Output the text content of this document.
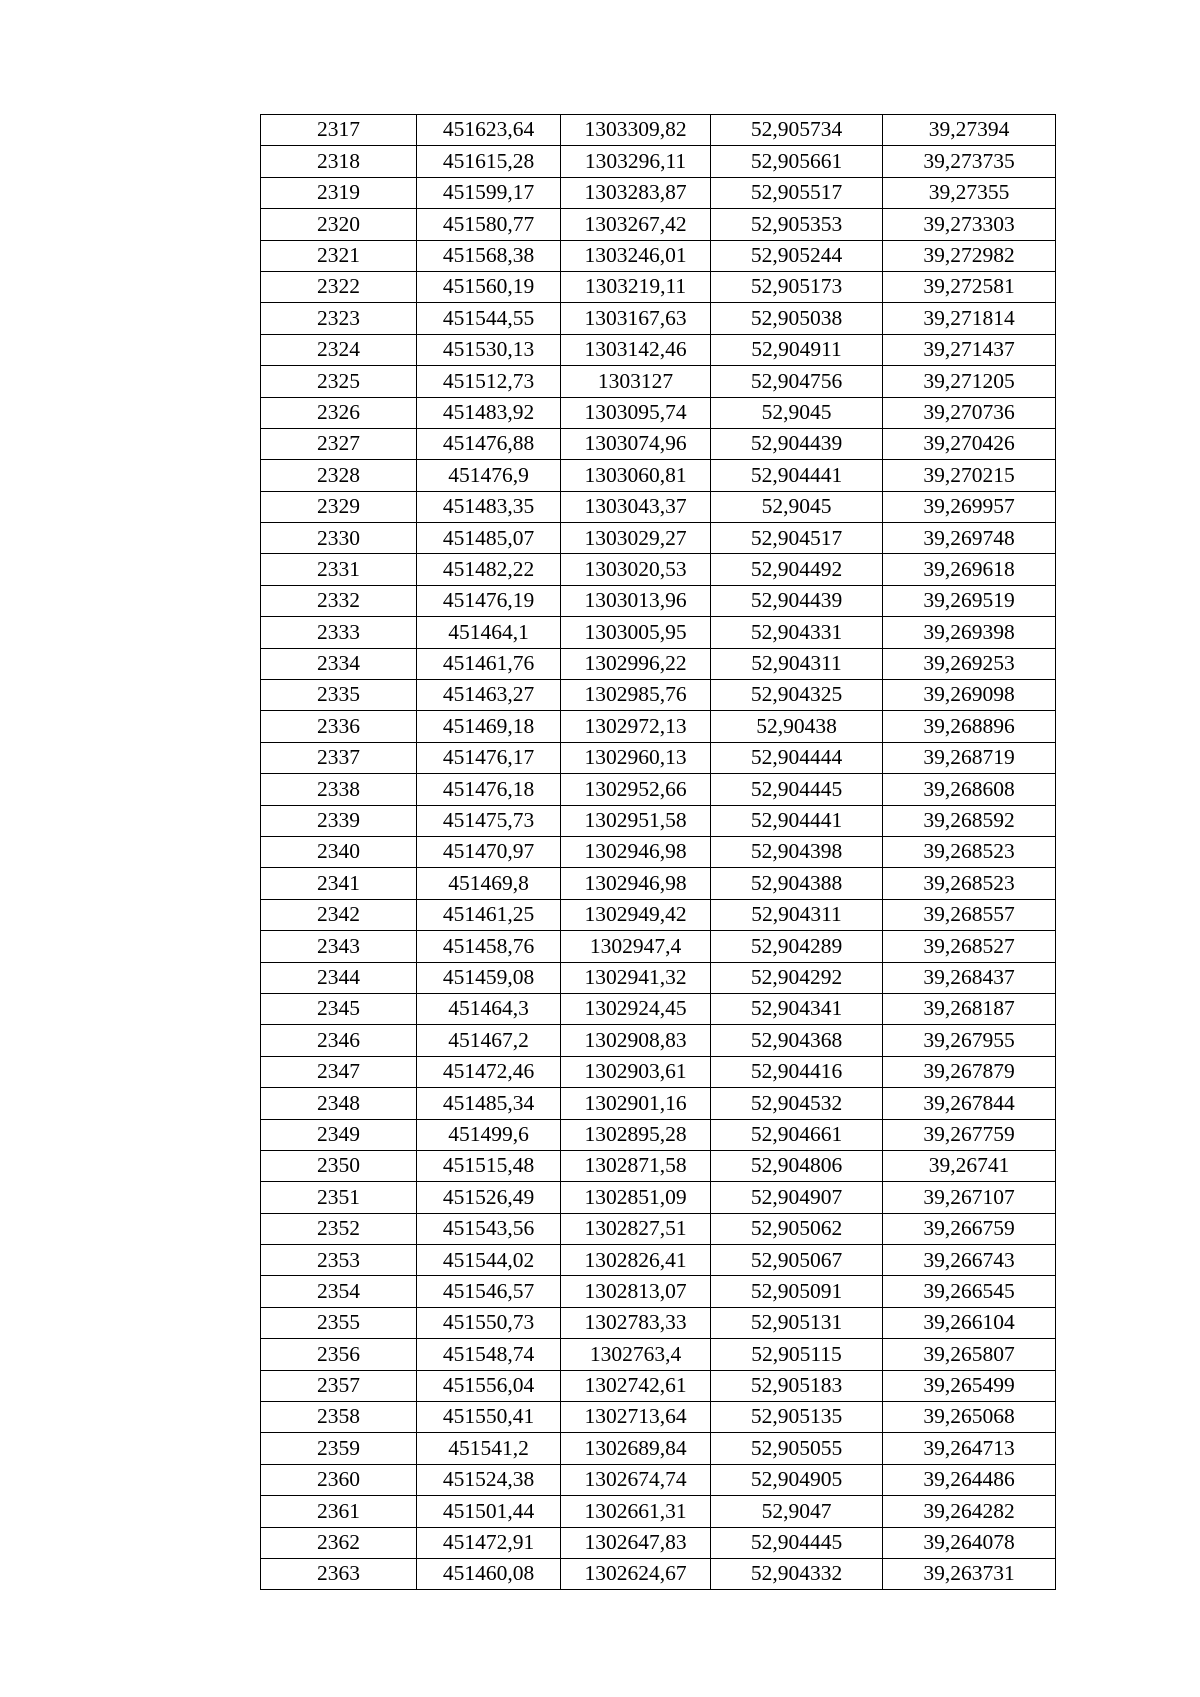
2317	451623,64	1303309,82	52,905734	39,27394
2318	451615,28	1303296,11	52,905661	39,273735
2319	451599,17	1303283,87	52,905517	39,27355
2320	451580,77	1303267,42	52,905353	39,273303
2321	451568,38	1303246,01	52,905244	39,272982
2322	451560,19	1303219,11	52,905173	39,272581
2323	451544,55	1303167,63	52,905038	39,271814
2324	451530,13	1303142,46	52,904911	39,271437
2325	451512,73	1303127	52,904756	39,271205
2326	451483,92	1303095,74	52,9045	39,270736
2327	451476,88	1303074,96	52,904439	39,270426
2328	451476,9	1303060,81	52,904441	39,270215
2329	451483,35	1303043,37	52,9045	39,269957
2330	451485,07	1303029,27	52,904517	39,269748
2331	451482,22	1303020,53	52,904492	39,269618
2332	451476,19	1303013,96	52,904439	39,269519
2333	451464,1	1303005,95	52,904331	39,269398
2334	451461,76	1302996,22	52,904311	39,269253
2335	451463,27	1302985,76	52,904325	39,269098
2336	451469,18	1302972,13	52,90438	39,268896
2337	451476,17	1302960,13	52,904444	39,268719
2338	451476,18	1302952,66	52,904445	39,268608
2339	451475,73	1302951,58	52,904441	39,268592
2340	451470,97	1302946,98	52,904398	39,268523
2341	451469,8	1302946,98	52,904388	39,268523
2342	451461,25	1302949,42	52,904311	39,268557
2343	451458,76	1302947,4	52,904289	39,268527
2344	451459,08	1302941,32	52,904292	39,268437
2345	451464,3	1302924,45	52,904341	39,268187
2346	451467,2	1302908,83	52,904368	39,267955
2347	451472,46	1302903,61	52,904416	39,267879
2348	451485,34	1302901,16	52,904532	39,267844
2349	451499,6	1302895,28	52,904661	39,267759
2350	451515,48	1302871,58	52,904806	39,26741
2351	451526,49	1302851,09	52,904907	39,267107
2352	451543,56	1302827,51	52,905062	39,266759
2353	451544,02	1302826,41	52,905067	39,266743
2354	451546,57	1302813,07	52,905091	39,266545
2355	451550,73	1302783,33	52,905131	39,266104
2356	451548,74	1302763,4	52,905115	39,265807
2357	451556,04	1302742,61	52,905183	39,265499
2358	451550,41	1302713,64	52,905135	39,265068
2359	451541,2	1302689,84	52,905055	39,264713
2360	451524,38	1302674,74	52,904905	39,264486
2361	451501,44	1302661,31	52,9047	39,264282
2362	451472,91	1302647,83	52,904445	39,264078
2363	451460,08	1302624,67	52,904332	39,263731
